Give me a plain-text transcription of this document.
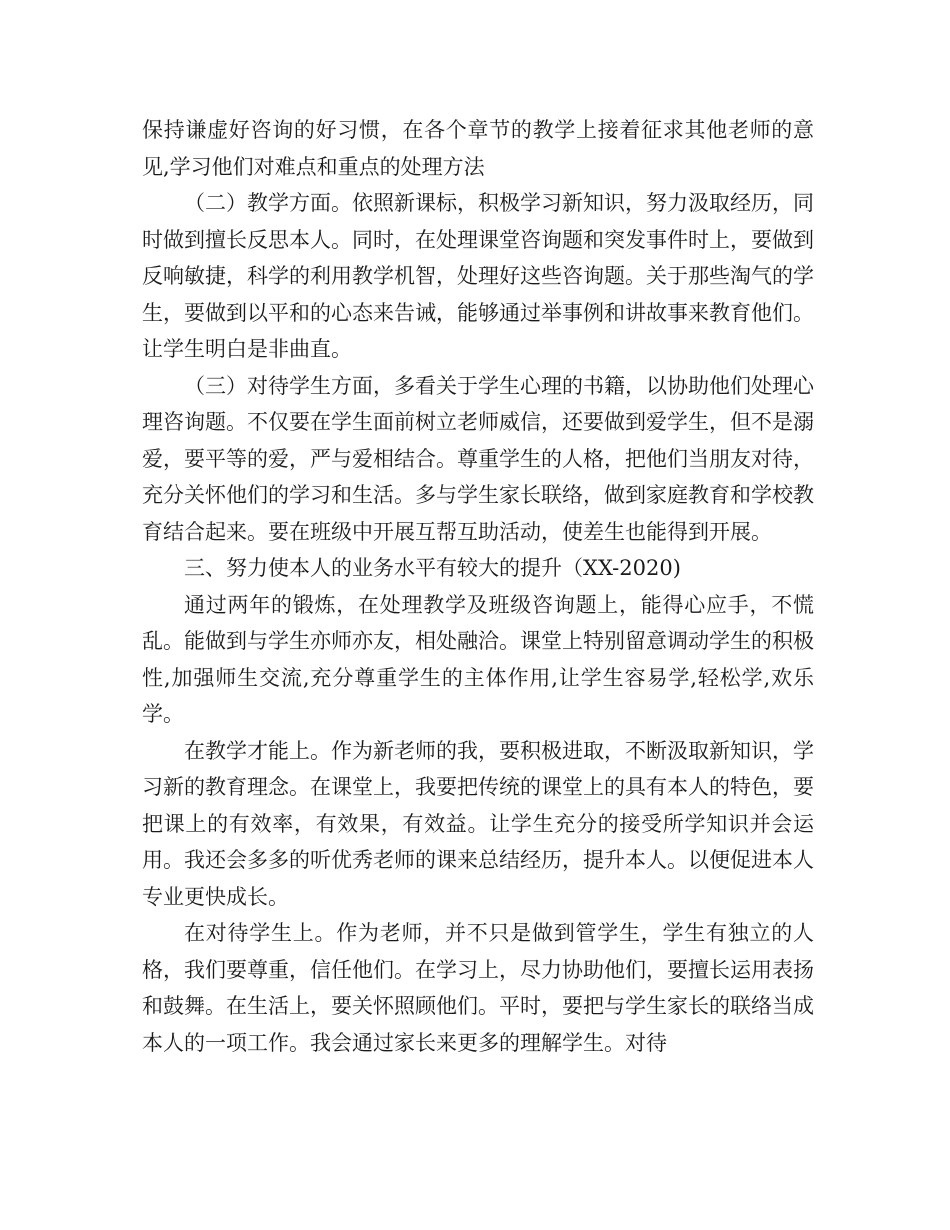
保持谦虚好咨询的好习惯，在各个章节的教学上接着征求其他老师的意见,学习他们对难点和重点的处理方法

（二）教学方面。依照新课标，积极学习新知识，努力汲取经历，同时做到擅长反思本人。同时，在处理课堂咨询题和突发事件时上，要做到反响敏捷，科学的利用教学机智，处理好这些咨询题。关于那些淘气的学生，要做到以平和的心态来告诫，能够通过举事例和讲故事来教育他们。让学生明白是非曲直。

（三）对待学生方面，多看关于学生心理的书籍，以协助他们处理心理咨询题。不仅要在学生面前树立老师威信，还要做到爱学生，但不是溺爱，要平等的爱，严与爱相结合。尊重学生的人格，把他们当朋友对待，充分关怀他们的学习和生活。多与学生家长联络，做到家庭教育和学校教育结合起来。要在班级中开展互帮互助活动，使差生也能得到开展。

三、努力使本人的业务水平有较大的提升（XX-2020)

通过两年的锻炼，在处理教学及班级咨询题上，能得心应手，不慌乱。能做到与学生亦师亦友，相处融洽。课堂上特别留意调动学生的积极性,加强师生交流,充分尊重学生的主体作用,让学生容易学,轻松学,欢乐学。

在教学才能上。作为新老师的我，要积极进取，不断汲取新知识，学习新的教育理念。在课堂上，我要把传统的课堂上的具有本人的特色，要把课上的有效率，有效果，有效益。让学生充分的接受所学知识并会运用。我还会多多的听优秀老师的课来总结经历，提升本人。以便促进本人专业更快成长。

在对待学生上。作为老师，并不只是做到管学生，学生有独立的人格，我们要尊重，信任他们。在学习上，尽力协助他们，要擅长运用表扬和鼓舞。在生活上，要关怀照顾他们。平时，要把与学生家长的联络当成本人的一项工作。我会通过家长来更多的理解学生。对待
